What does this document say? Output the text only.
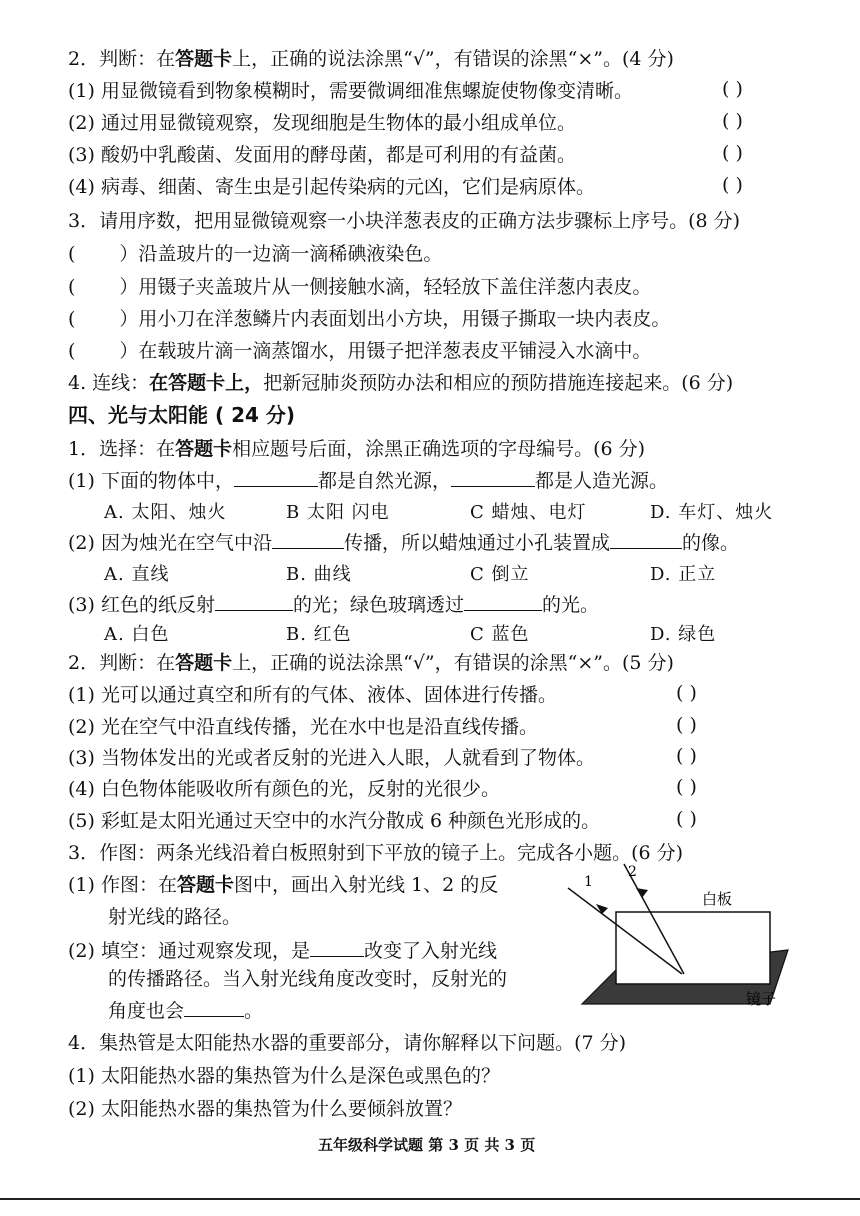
2．判断：在答题卡上，正确的说法涂黑“√”，有错误的涂黑“×”。(4 分)
(1) 用显微镜看到物象模糊时，需要微调细准焦螺旋使物像变清晰。	( )
(2) 通过用显微镜观察，发现细胞是生物体的最小组成单位。	( )
(3) 酸奶中乳酸菌、发面用的酵母菌，都是可利用的有益菌。	( )
(4) 病毒、细菌、寄生虫是引起传染病的元凶，它们是病原体。	( )
3．请用序数，把用显微镜观察一小块洋葱表皮的正确方法步骤标上序号。(8 分)
( ）沿盖玻片的一边滴一滴稀碘液染色。
( ）用镊子夹盖玻片从一侧接触水滴，轻轻放下盖住洋葱内表皮。
( ）用小刀在洋葱鳞片内表面划出小方块，用镊子撕取一块内表皮。
( ）在载玻片滴一滴蒸馏水，用镊子把洋葱表皮平铺浸入水滴中。
4. 连线：在答题卡上，把新冠肺炎预防办法和相应的预防措施连接起来。(6 分)
四、光与太阳能 ( 24 分)
1．选择：在答题卡相应题号后面，涂黑正确选项的字母编号。(6 分)
(1) 下面的物体中，	都是自然光源，	都是人造光源。
A. 太阳、烛火	B 太阳 闪电	C 蜡烛、电灯	D. 车灯、烛火
(2) 因为烛光在空气中沿	传播，所以蜡烛通过小孔装置成	的像。
A. 直线	B. 曲线	C 倒立	D. 正立
(3) 红色的纸反射	的光；绿色玻璃透过	的光。
A. 白色	B. 红色	C 蓝色	D. 绿色
2．判断：在答题卡上，正确的说法涂黑“√”，有错误的涂黑“×”。(5 分)
(1) 光可以通过真空和所有的气体、液体、固体进行传播。	( )
(2) 光在空气中沿直线传播，光在水中也是沿直线传播。	( )
(3) 当物体发出的光或者反射的光进入人眼，人就看到了物体。	( )
(4) 白色物体能吸收所有颜色的光，反射的光很少。	( )
(5) 彩虹是太阳光通过天空中的水汽分散成 6 种颜色光形成的。	( )
3．作图：两条光线沿着白板照射到下平放的镜子上。完成各小题。(6 分)
(1) 作图：在答题卡图中，画出入射光线 1、2 的反
射光线的路径。
(2) 填空：通过观察发现，是	改变了入射光线
的传播路径。当入射光线角度改变时，反射光的
角度也会	。
1
2
白板
镜子
4．集热管是太阳能热水器的重要部分，请你解释以下问题。(7 分)
(1) 太阳能热水器的集热管为什么是深色或黑色的？
(2) 太阳能热水器的集热管为什么要倾斜放置？
五年级科学试题 第 3 页 共 3 页
